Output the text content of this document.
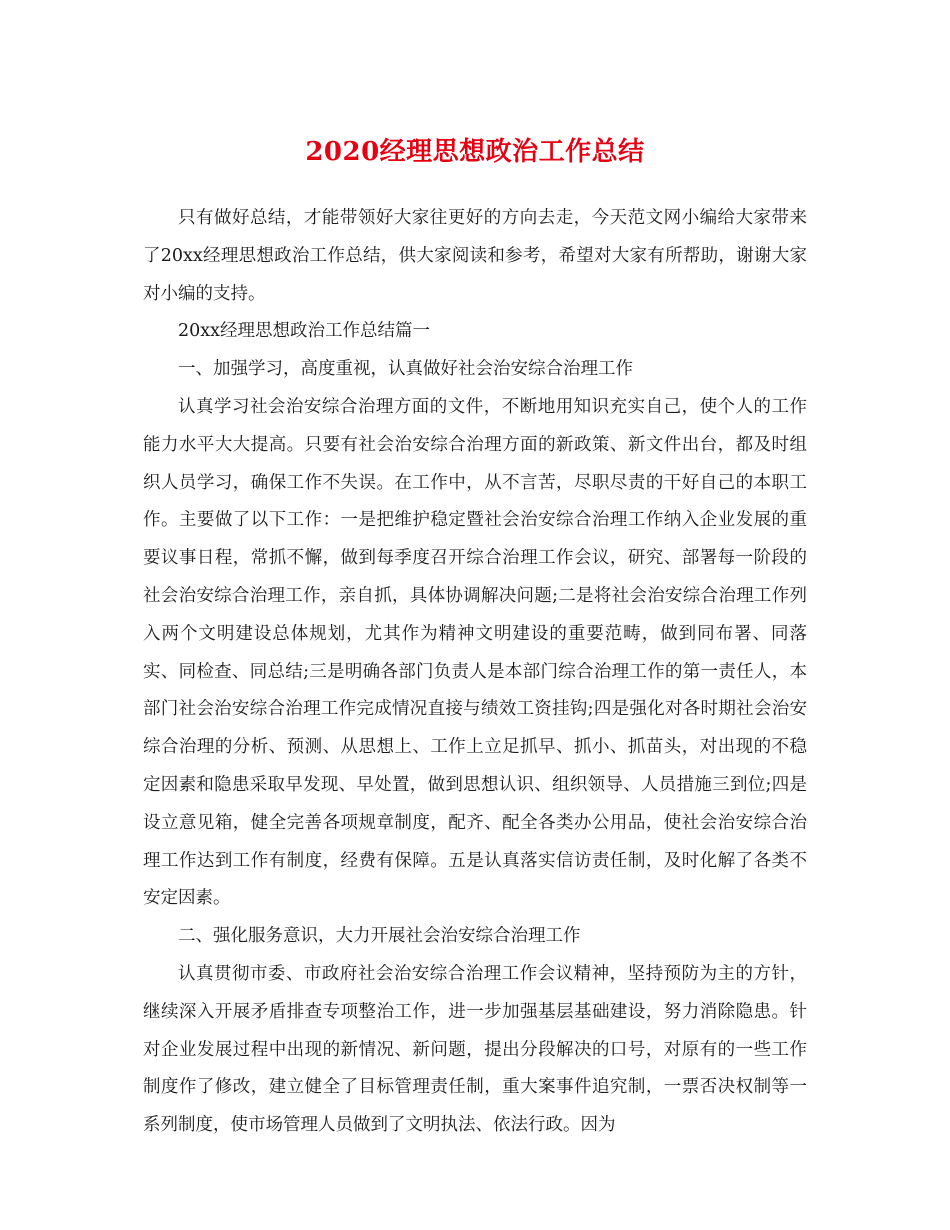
2020经理思想政治工作总结

只有做好总结，才能带领好大家往更好的方向去走，今天范文网小编给大家带来了20xx经理思想政治工作总结，供大家阅读和参考，希望对大家有所帮助，谢谢大家对小编的支持。

20xx经理思想政治工作总结篇一

一、加强学习，高度重视，认真做好社会治安综合治理工作

认真学习社会治安综合治理方面的文件，不断地用知识充实自己，使个人的工作能力水平大大提高。只要有社会治安综合治理方面的新政策、新文件出台，都及时组织人员学习，确保工作不失误。在工作中，从不言苦，尽职尽责的干好自己的本职工作。主要做了以下工作：一是把维护稳定暨社会治安综合治理工作纳入企业发展的重要议事日程，常抓不懈，做到每季度召开综合治理工作会议，研究、部署每一阶段的社会治安综合治理工作，亲自抓，具体协调解决问题;二是将社会治安综合治理工作列入两个文明建设总体规划，尤其作为精神文明建设的重要范畴，做到同布署、同落实、同检查、同总结;三是明确各部门负责人是本部门综合治理工作的第一责任人，本部门社会治安综合治理工作完成情况直接与绩效工资挂钩;四是强化对各时期社会治安综合治理的分析、预测、从思想上、工作上立足抓早、抓小、抓苗头，对出现的不稳定因素和隐患采取早发现、早处置，做到思想认识、组织领导、人员措施三到位;四是设立意见箱，健全完善各项规章制度，配齐、配全各类办公用品，使社会治安综合治理工作达到工作有制度，经费有保障。五是认真落实信访责任制，及时化解了各类不安定因素。

二、强化服务意识，大力开展社会治安综合治理工作

认真贯彻市委、市政府社会治安综合治理工作会议精神，坚持预防为主的方针，继续深入开展矛盾排查专项整治工作，进一步加强基层基础建设，努力消除隐患。针对企业发展过程中出现的新情况、新问题，提出分段解决的口号，对原有的一些工作制度作了修改，建立健全了目标管理责任制，重大案事件追究制，一票否决权制等一系列制度，使市场管理人员做到了文明执法、依法行政。因为
